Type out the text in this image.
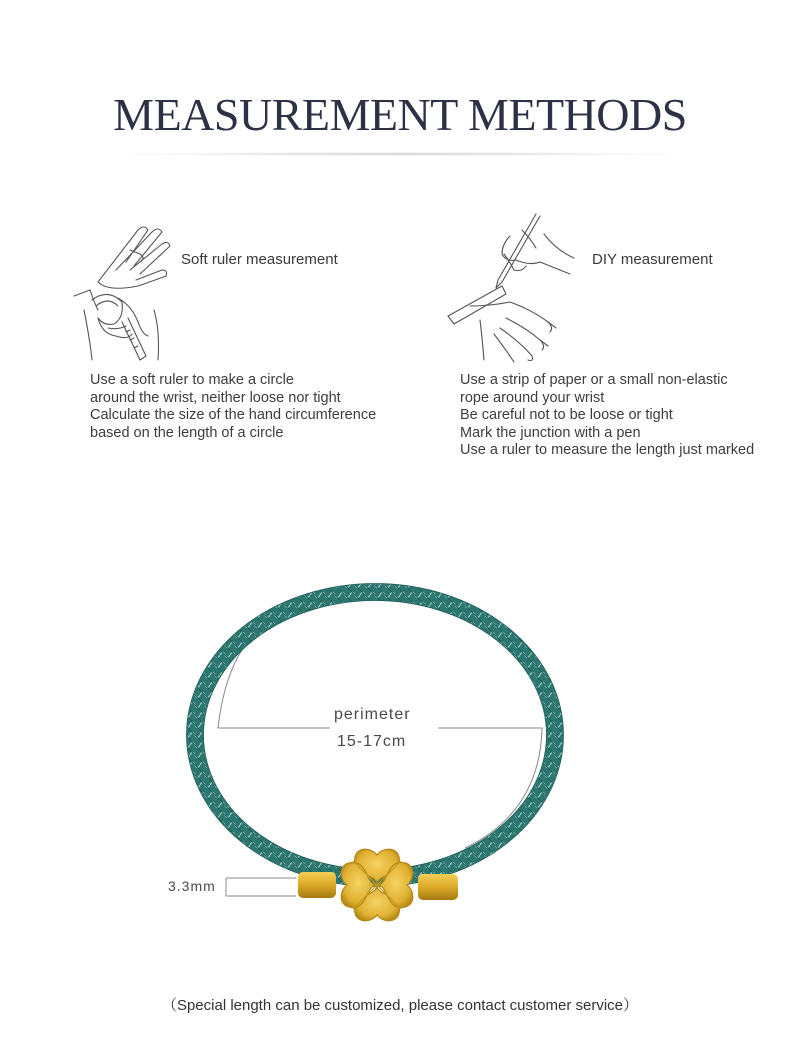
MEASUREMENT METHODS
Soft ruler measurement	DIY measurement
Use a soft ruler to make a circle
around the wrist, neither loose nor tight
Calculate the size of the hand circumference
based on the length of a circle
Use a strip of paper or a small non-elastic
rope around your wrist
Be careful not to be loose or tight
Mark the junction with a pen
Use a ruler to measure the length just marked
perimeter
15-17cm
3.3mm
（Special length can be customized, please contact customer service）
